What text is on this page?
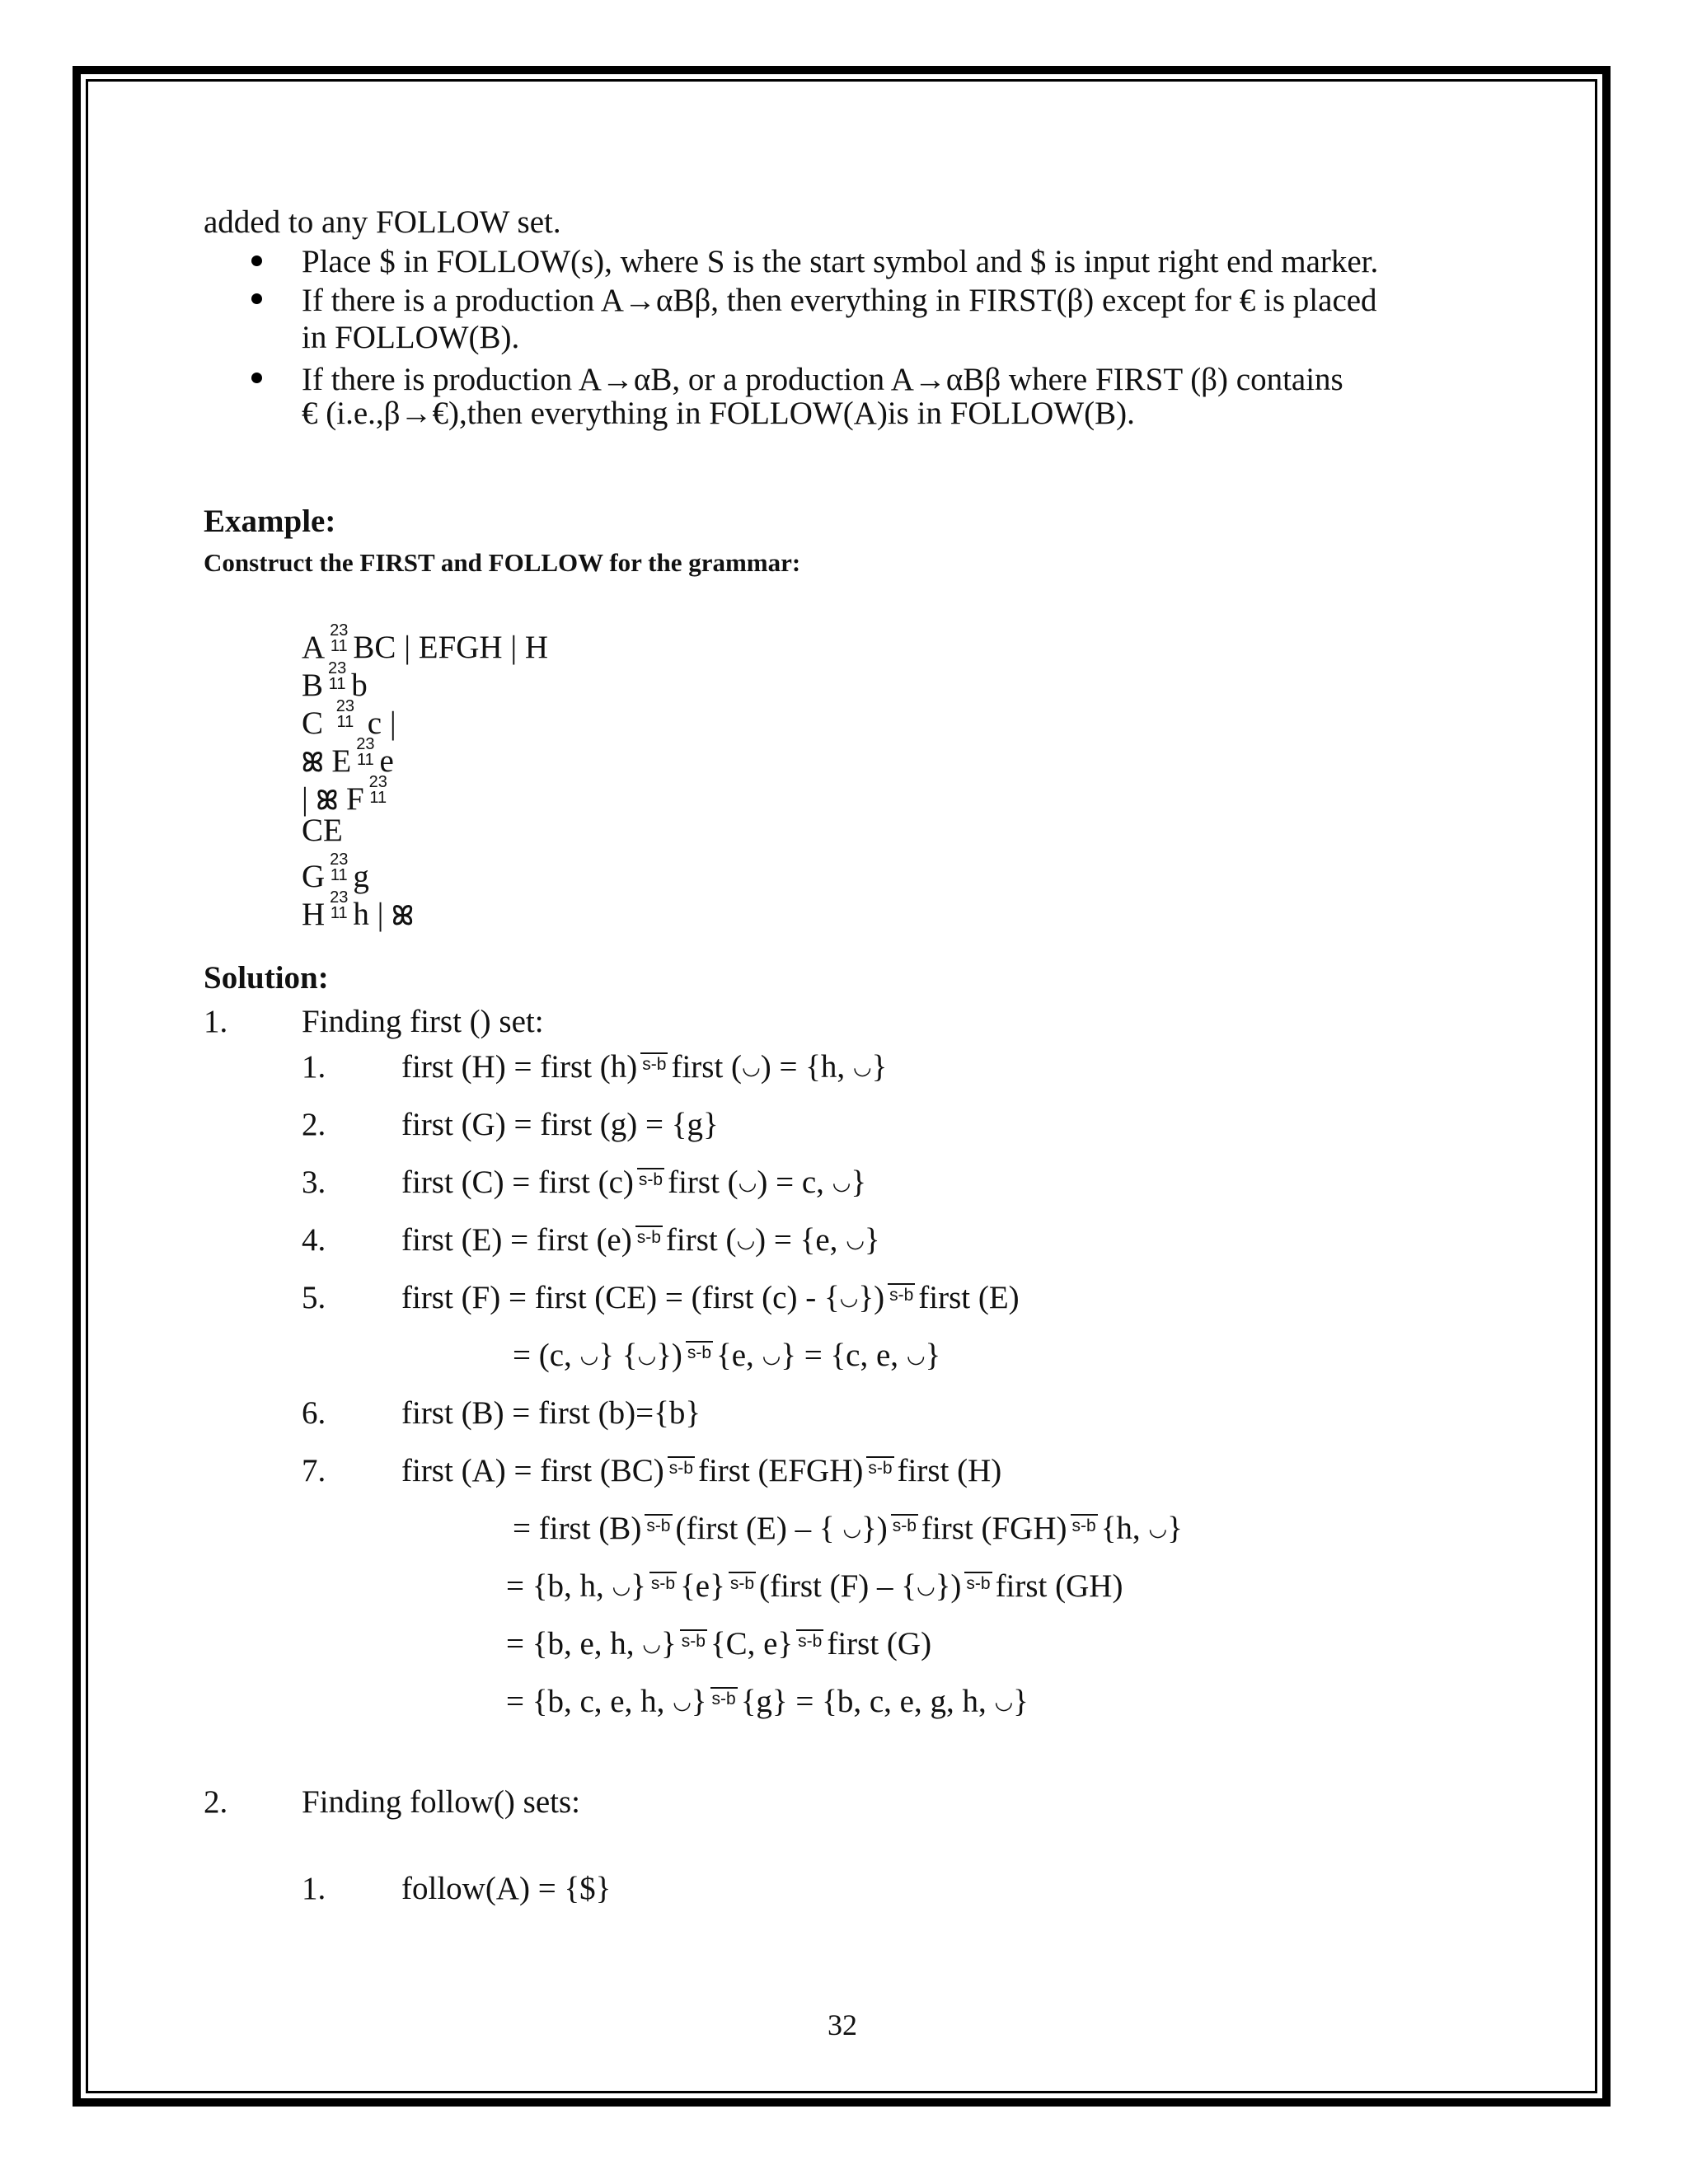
added to any FOLLOW set.
Place $ in FOLLOW(s), where S is the start symbol and $ is input right end marker.
If there is a production A→αBβ, then everything in FIRST(β) except for € is placed
in FOLLOW(B).
If there is production A→αB, or a production A→αBβ where FIRST (β) contains
€ (i.e.,β→€),then everything in FOLLOW(A)is in FOLLOW(B).
Example:
Construct the FIRST and FOLLOW for the grammar:
A 23
11 BC | EFGH | H
B 23
11 b
C 23
11 c |
ꕤ E 23
11 e
| ꕤ F 23
11
CE
G 23
11 g
H 23
11 h | ꕤ
Solution:
1. Finding first () set:
1. first (H) = first (h) s-b first (◡) = {h, ◡}
2. first (G) = first (g) = {g}
3. first (C) = first (c) s-b first (◡) = c, ◡}
4. first (E) = first (e) s-b first (◡) = {e, ◡}
5. first (F) = first (CE) = (first (c) - {◡}) s-b first (E)
= (c, ◡} {◡}) s-b {e, ◡} = {c, e, ◡}
6. first (B) = first (b)={b}
7. first (A) = first (BC) s-b first (EFGH) s-b first (H)
= first (B) s-b (first (E) – { ◡}) s-b first (FGH) s-b {h, ◡}
= {b, h, ◡} s-b {e} s-b (first (F) – {◡}) s-b first (GH)
= {b, e, h, ◡} s-b {C, e} s-b first (G)
= {b, c, e, h, ◡} s-b {g} = {b, c, e, g, h, ◡}
2. Finding follow() sets:
1. follow(A) = {$}
32
